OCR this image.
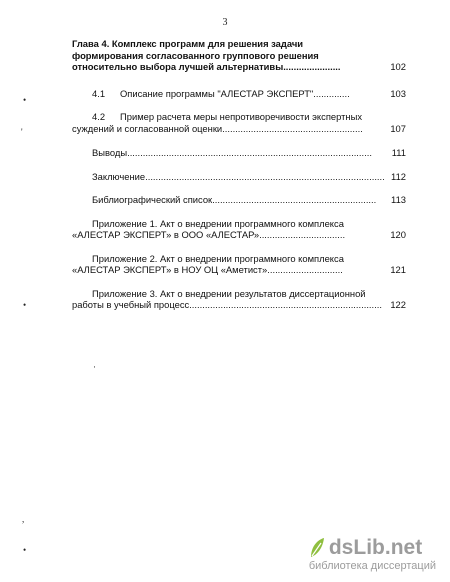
3
Глава 4. Комплекс программ для решения задачи
формирования согласованного группового решения
относительно выбора лучшей альтернативы......................	102
4.1 Описание программы "АЛЕСТАР ЭКСПЕРТ"..............	103
4.2 Пример расчета меры непротиворечивости экспертных
суждений и согласованной оценки......................................................	107
Выводы..............................................................................................	111
Заключение............................................................................................ 112
Библиографический список...............................................................	113
Приложение 1. Акт о внедрении программного комплекса
«АЛЕСТАР ЭКСПЕРТ» в ООО «АЛЕСТАР».................................	120
Приложение 2. Акт о внедрении программного комплекса
«АЛЕСТАР ЭКСПЕРТ» в НОУ ОЦ «Аметист».............................	121
Приложение 3. Акт о внедрении результатов диссертационной
работы в учебный процесс.......................................................................... 122
•
'
•
·
,
•	dsLib.net
библиотека диссертаций
